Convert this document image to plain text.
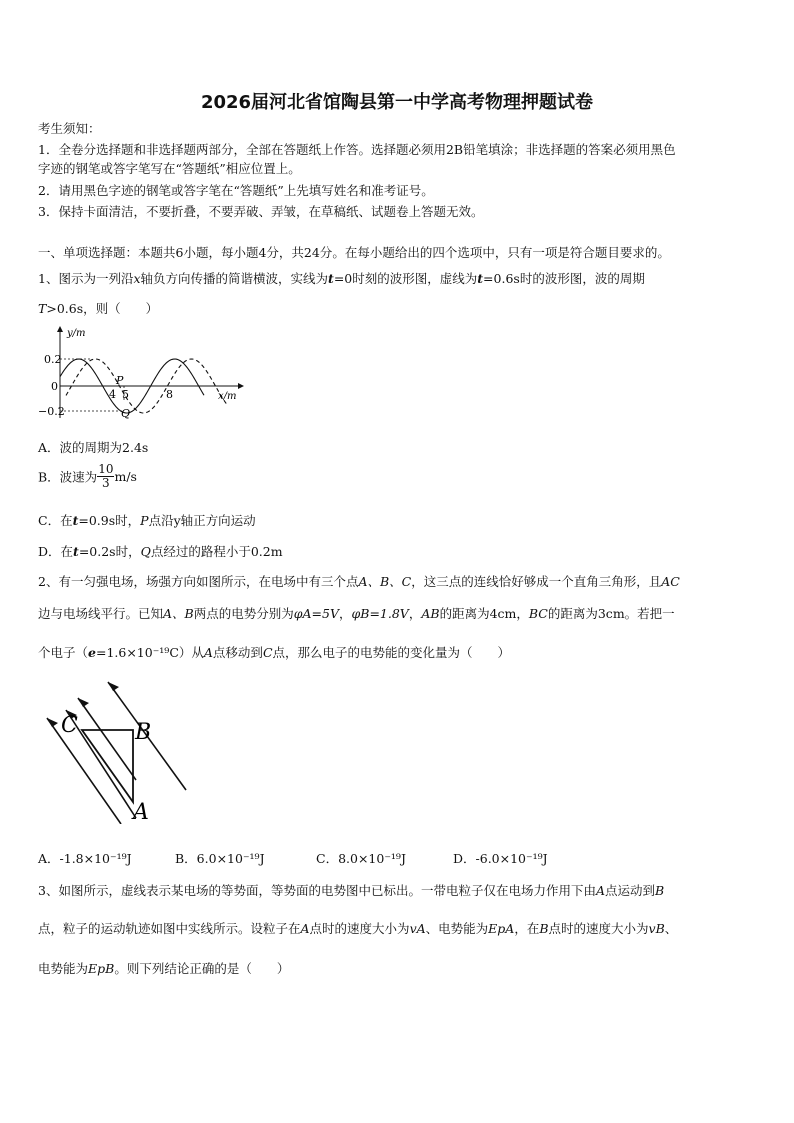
2026届河北省馆陶县第一中学高考物理押题试卷
考生须知：
1．全卷分选择题和非选择题两部分，全部在答题纸上作答。选择题必须用2B铅笔填涂；非选择题的答案必须用黑色
字迹的钢笔或答字笔写在“答题纸”相应位置上。
2．请用黑色字迹的钢笔或答字笔在“答题纸”上先填写姓名和准考证号。
3．保持卡面清洁，不要折叠，不要弄破、弄皱，在草稿纸、试题卷上答题无效。
一、单项选择题：本题共6小题，每小题4分，共24分。在每小题给出的四个选项中，只有一项是符合题目要求的。
1、图示为一列沿x轴负方向传播的简谐横波，实线为t=0时刻的波形图，虚线为t=0.6s时的波形图，波的周期
T>0.6s，则（　　）
0.2
0
−0.2
y/m
x/m
4 5	8
P
Q
A．波的周期为2.4s
B．波速为 $\frac{10}{3} m/s$
C．在t=0.9s时，P点沿y轴正方向运动
D．在t=0.2s时，Q点经过的路程小于0.2m
2、有一匀强电场，场强方向如图所示，在电场中有三个点A、B、C，这三点的连线恰好够成一个直角三角形，且AC
边与电场线平行。已知A、B两点的电势分别为φA=5V，φB=1.8V，AB的距离为4cm，BC的距离为3cm。若把一
个电子（e=1.6×10⁻¹⁹C）从A点移动到C点，那么电子的电势能的变化量为（　　）
C	B
A
A．-1.8×10⁻¹⁹J	B．6.0×10⁻¹⁹J	C．8.0×10⁻¹⁹J	D．-6.0×10⁻¹⁹J
3、如图所示，虚线表示某电场的等势面，等势面的电势图中已标出。一带电粒子仅在电场力作用下由A点运动到B
点，粒子的运动轨迹如图中实线所示。设粒子在A点时的速度大小为vA、电势能为EpA，在B点时的速度大小为vB、
电势能为EpB。则下列结论正确的是（　　）
